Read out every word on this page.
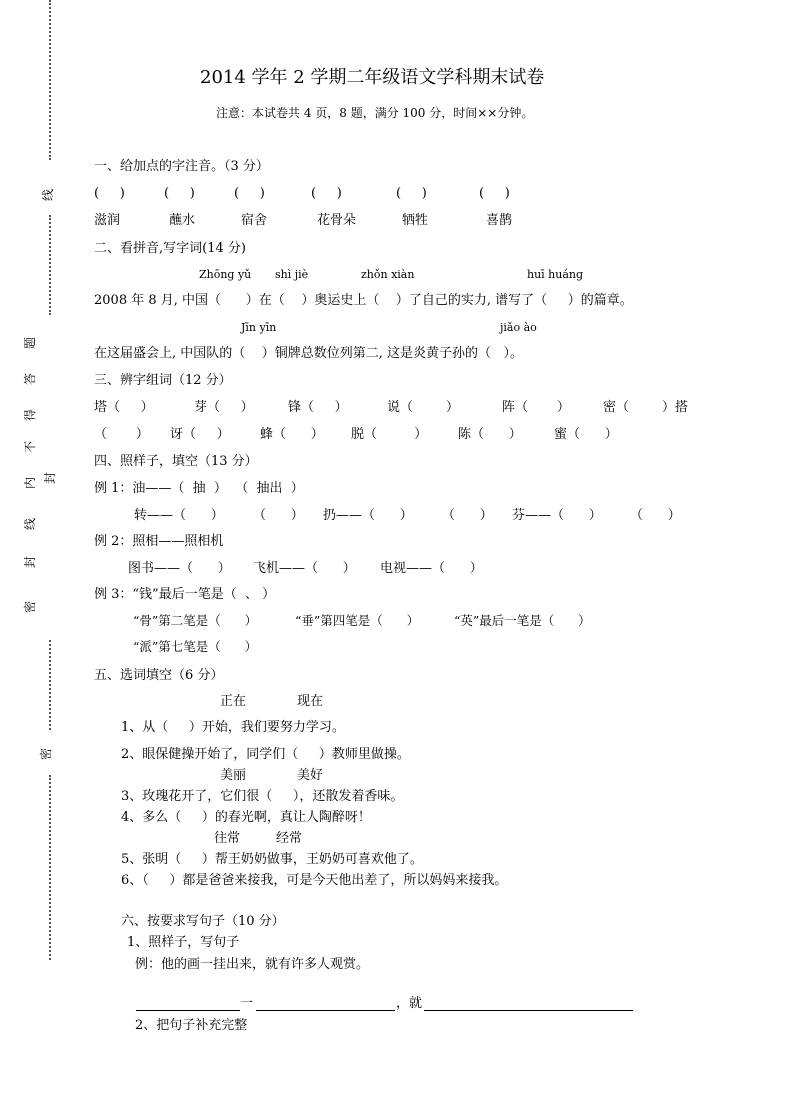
线
题
答
得
不
内 封
线
封
密
密
2014 学年 2 学期二年级语文学科期末试卷
注意：本试卷共 4 页，8 题，满分 100 分，时间××分钟。
一、给加点的字注音。（3 分）
(     )	(     )	(     )	(     )	(     )	(     )
滋润	蘸水	宿舍	花骨朵	牺牲	喜鹊
二、看拼音,写字词(14 分)
Zhōng yǔ shì jiè	zhǒn xiàn	huī huáng
2008 年 8 月, 中国（      ）在（    ）奥运史上（    ）了自己的实力, 谱写了（     ）的篇章。
Jīn yīn	jiǎo ào
在这届盛会上, 中国队的（    ）铜牌总数位列第二, 这是炎黄子孙的（   ）。
三、辨字组词（12 分）
塔（     ）	芽（     ）	锋（     ）	说（        ）	阵（       ）	密（        ）搭
（       ） 讶（     ） 蜂（      ） 脱（         ） 陈（      ） 蜜（      ）
四、照样子，填空（13 分）
例 1：油——（  抽  ）  （  抽出  ）
转——（      ） （      ） 扔——（      ） （      ） 芬——（      ） （      ）
例 2：照相——照相机
图书——（      ） 飞机——（      ） 电视——（      ）
例 3：“钱”最后一笔是（  、 ）
“骨”第二笔是（      ）	“垂”第四笔是（      ）	“英”最后一笔是（      ）
“派”第七笔是（      ）
五、选词填空（6 分）
正在	现在
1、从（     ）开始，我们要努力学习。
2、眼保健操开始了，同学们（     ）教师里做操。
美丽	美好
3、玫瑰花开了，它们很（     ），还散发着香味。
4、多么（     ）的春光啊，真让人陶醉呀！
往常	经常
5、张明（     ）帮王奶奶做事，王奶奶可喜欢他了。
6、（     ）都是爸爸来接我，可是今天他出差了，所以妈妈来接我。
六、按要求写句子（10 分）
1、照样子，写句子
例：他的画一挂出来，就有许多人观赏。
一	，就
2、把句子补充完整
